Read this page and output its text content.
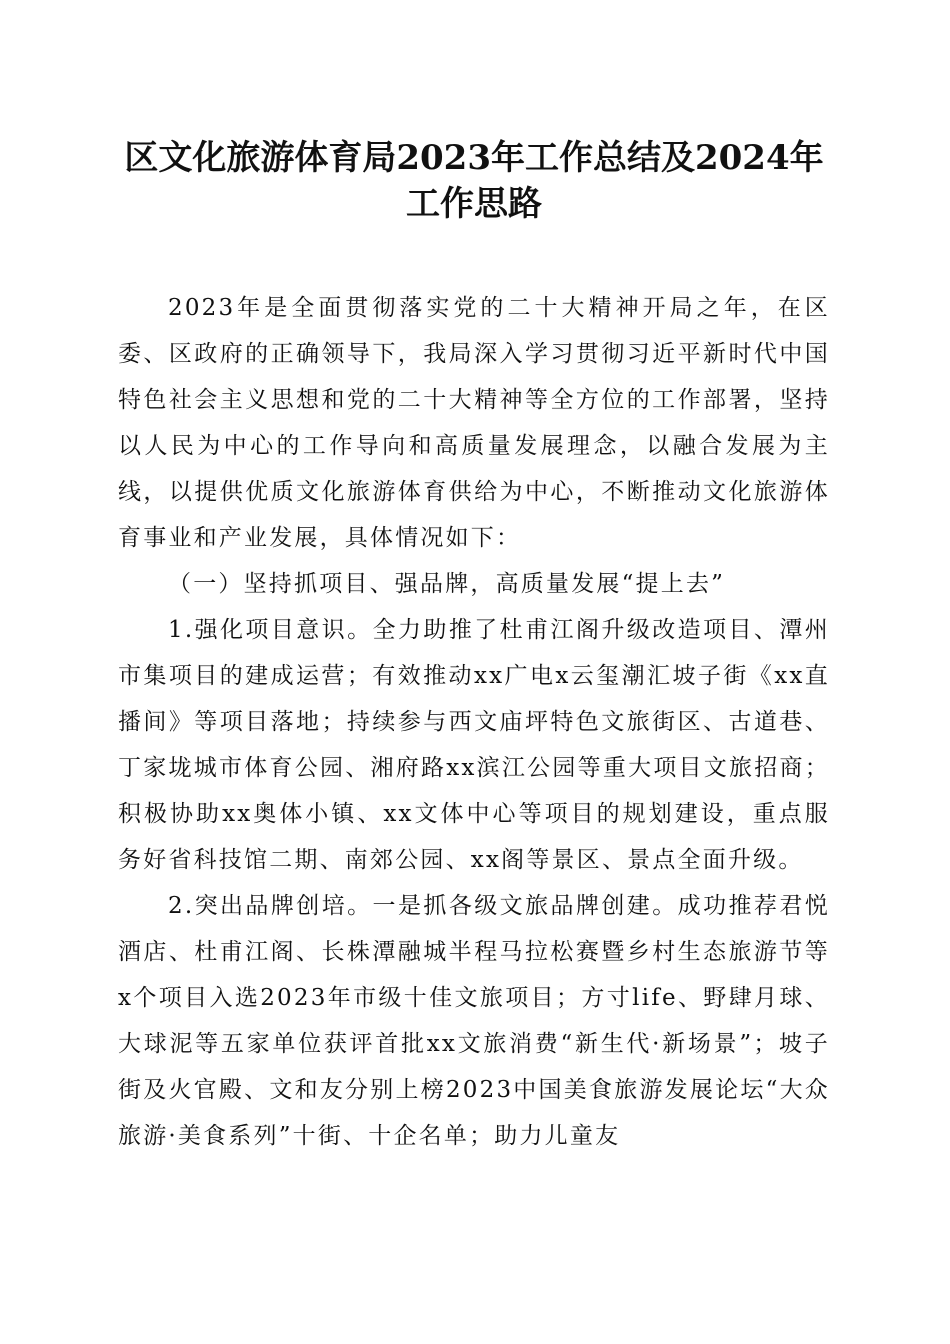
区文化旅游体育局2023年工作总结及2024年
工作思路

2023年是全面贯彻落实党的二十大精神开局之年，在区委、区政府的正确领导下，我局深入学习贯彻习近平新时代中国特色社会主义思想和党的二十大精神等全方位的工作部署，坚持以人民为中心的工作导向和高质量发展理念，以融合发展为主线，以提供优质文化旅游体育供给为中心，不断推动文化旅游体育事业和产业发展，具体情况如下：

（一）坚持抓项目、强品牌，高质量发展“提上去”

1.强化项目意识。全力助推了杜甫江阁升级改造项目、潭州市集项目的建成运营；有效推动xx广电x云玺潮汇坡子街《xx直播间》等项目落地；持续参与西文庙坪特色文旅街区、古道巷、丁家垅城市体育公园、湘府路xx滨江公园等重大项目文旅招商；积极协助xx奥体小镇、xx文体中心等项目的规划建设，重点服务好省科技馆二期、南郊公园、xx阁等景区、景点全面升级。

2.突出品牌创培。一是抓各级文旅品牌创建。成功推荐君悦酒店、杜甫江阁、长株潭融城半程马拉松赛暨乡村生态旅游节等x个项目入选2023年市级十佳文旅项目；方寸life、野肆月球、大球泥等五家单位获评首批xx文旅消费“新生代·新场景”；坡子街及火官殿、文和友分别上榜2023中国美食旅游发展论坛“大众旅游·美食系列”十街、十企名单；助力儿童友
